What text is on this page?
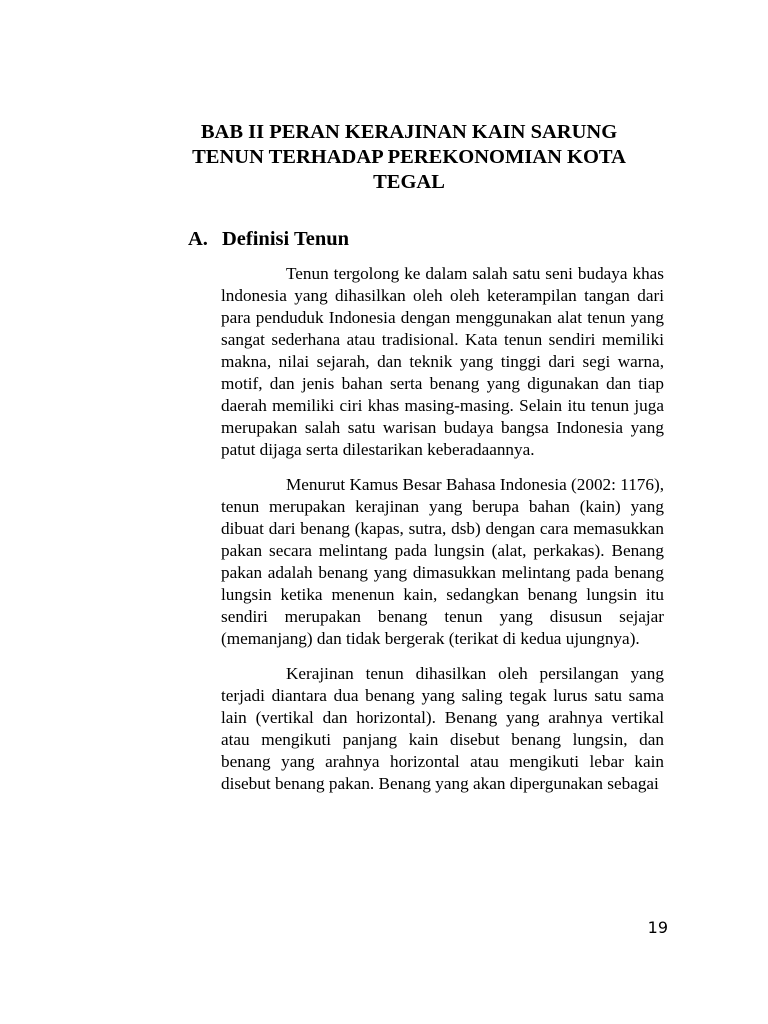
BAB II PERAN KERAJINAN KAIN SARUNG
TENUN TERHADAP PEREKONOMIAN KOTA
TEGAL
A. Definisi Tenun

Tenun tergolong ke dalam salah satu seni budaya khas lndonesia yang dihasilkan oleh oleh keterampilan tangan dari para penduduk Indonesia dengan menggunakan alat tenun yang sangat sederhana atau tradisional. Kata tenun sendiri memiliki makna, nilai sejarah, dan teknik yang tinggi dari segi warna, motif, dan jenis bahan serta benang yang digunakan dan tiap daerah memiliki ciri khas masing-masing. Selain itu tenun juga merupakan salah satu warisan budaya bangsa Indonesia yang patut dijaga serta dilestarikan keberadaannya.

Menurut Kamus Besar Bahasa Indonesia (2002: 1176), tenun merupakan kerajinan yang berupa bahan (kain) yang dibuat dari benang (kapas, sutra, dsb) dengan cara memasukkan pakan secara melintang pada lungsin (alat, perkakas). Benang pakan adalah benang yang dimasukkan melintang pada benang lungsin ketika menenun kain, sedangkan benang lungsin itu sendiri merupakan benang tenun yang disusun sejajar (memanjang) dan tidak bergerak (terikat di kedua ujungnya).

Kerajinan tenun dihasilkan oleh persilangan yang terjadi diantara dua benang yang saling tegak lurus satu sama lain (vertikal dan horizontal). Benang yang arahnya vertikal atau mengikuti panjang kain disebut benang lungsin, dan benang yang arahnya horizontal atau mengikuti lebar kain disebut benang pakan. Benang yang akan dipergunakan sebagai

19
